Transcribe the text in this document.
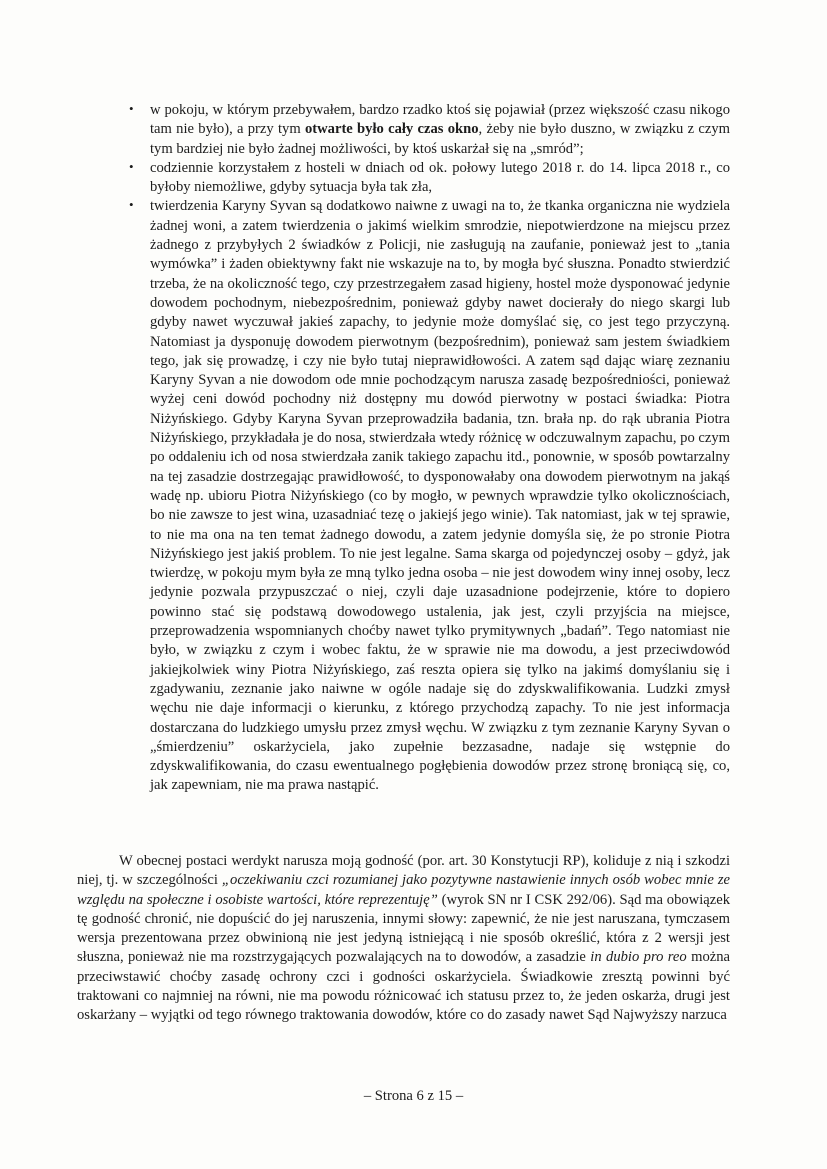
• w pokoju, w którym przebywałem, bardzo rzadko ktoś się pojawiał (przez większość czasu nikogo tam nie było), a przy tym otwarte było cały czas okno, żeby nie było duszno, w związku z czym tym bardziej nie było żadnej możliwości, by ktoś uskarżał się na „smród”;

• codziennie korzystałem z hosteli w dniach od ok. połowy lutego 2018 r. do 14. lipca 2018 r., co byłoby niemożliwe, gdyby sytuacja była tak zła,

• twierdzenia Karyny Syvan są dodatkowo naiwne z uwagi na to, że tkanka organiczna nie wydziela żadnej woni, a zatem twierdzenia o jakimś wielkim smrodzie, niepotwierdzone na miejscu przez żadnego z przybyłych 2 świadków z Policji, nie zasługują na zaufanie, ponieważ jest to „tania wymówka” i żaden obiektywny fakt nie wskazuje na to, by mogła być słuszna. Ponadto stwierdzić trzeba, że na okoliczność tego, czy przestrzegałem zasad higieny, hostel może dysponować jedynie dowodem pochodnym, niebezpośrednim, ponieważ gdyby nawet docierały do niego skargi lub gdyby nawet wyczuwał jakieś zapachy, to jedynie może domyślać się, co jest tego przyczyną. Natomiast ja dysponuję dowodem pierwotnym (bezpośrednim), ponieważ sam jestem świadkiem tego, jak się prowadzę, i czy nie było tutaj nieprawidłowości. A zatem sąd dając wiarę zeznaniu Karyny Syvan a nie dowodom ode mnie pochodzącym narusza zasadę bezpośredniości, ponieważ wyżej ceni dowód pochodny niż dostępny mu dowód pierwotny w postaci świadka: Piotra Niżyńskiego. Gdyby Karyna Syvan przeprowadziła badania, tzn. brała np. do rąk ubrania Piotra Niżyńskiego, przykładała je do nosa, stwierdzała wtedy różnicę w odczuwalnym zapachu, po czym po oddaleniu ich od nosa stwierdzała zanik takiego zapachu itd., ponownie, w sposób powtarzalny na tej zasadzie dostrzegając prawidłowość, to dysponowałaby ona dowodem pierwotnym na jakąś wadę np. ubioru Piotra Niżyńskiego (co by mogło, w pewnych wprawdzie tylko okolicznościach, bo nie zawsze to jest wina, uzasadniać tezę o jakiejś jego winie). Tak natomiast, jak w tej sprawie, to nie ma ona na ten temat żadnego dowodu, a zatem jedynie domyśla się, że po stronie Piotra Niżyńskiego jest jakiś problem. To nie jest legalne. Sama skarga od pojedynczej osoby – gdyż, jak twierdzę, w pokoju mym była ze mną tylko jedna osoba – nie jest dowodem winy innej osoby, lecz jedynie pozwala przypuszczać o niej, czyli daje uzasadnione podejrzenie, które to dopiero powinno stać się podstawą dowodowego ustalenia, jak jest, czyli przyjścia na miejsce, przeprowadzenia wspomnianych choćby nawet tylko prymitywnych „badań”. Tego natomiast nie było, w związku z czym i wobec faktu, że w sprawie nie ma dowodu, a jest przeciwdowód jakiejkolwiek winy Piotra Niżyńskiego, zaś reszta opiera się tylko na jakimś domyślaniu się i zgadywaniu, zeznanie jako naiwne w ogóle nadaje się do zdyskwalifikowania. Ludzki zmysł węchu nie daje informacji o kierunku, z którego przychodzą zapachy. To nie jest informacja dostarczana do ludzkiego umysłu przez zmysł węchu. W związku z tym zeznanie Karyny Syvan o „śmierdzeniu” oskarżyciela, jako zupełnie bezzasadne, nadaje się wstępnie do zdyskwalifikowania, do czasu ewentualnego pogłębienia dowodów przez stronę broniącą się, co, jak zapewniam, nie ma prawa nastąpić.

W obecnej postaci werdykt narusza moją godność (por. art. 30 Konstytucji RP), koliduje z nią i szkodzi niej, tj. w szczególności „oczekiwaniu czci rozumianej jako pozytywne nastawienie innych osób wobec mnie ze względu na społeczne i osobiste wartości, które reprezentuję” (wyrok SN nr I CSK 292/06). Sąd ma obowiązek tę godność chronić, nie dopuścić do jej naruszenia, innymi słowy: zapewnić, że nie jest naruszana, tymczasem wersja prezentowana przez obwinioną nie jest jedyną istniejącą i nie sposób określić, która z 2 wersji jest słuszna, ponieważ nie ma rozstrzygających pozwalających na to dowodów, a zasadzie in dubio pro reo można przeciwstawić choćby zasadę ochrony czci i godności oskarżyciela. Świadkowie zresztą powinni być traktowani co najmniej na równi, nie ma powodu różnicować ich statusu przez to, że jeden oskarża, drugi jest oskarżany – wyjątki od tego równego traktowania dowodów, które co do zasady nawet Sąd Najwyższy narzuca

– Strona 6 z 15 –
